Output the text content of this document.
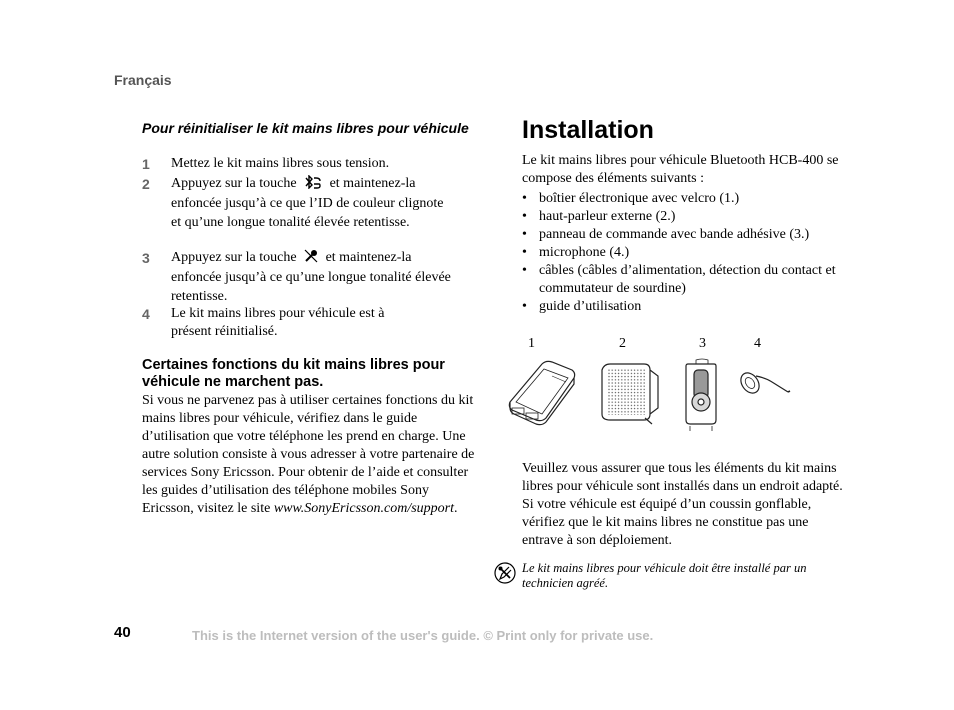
Français
Pour réinitialiser le kit mains libres pour véhicule
1 Mettez le kit mains libres sous tension.
2 Appuyez sur la touche et maintenez-la enfoncée jusqu’à ce que l’ID de couleur clignote et qu’une longue tonalité élevée retentisse.
3 Appuyez sur la touche et maintenez-la enfoncée jusqu’à ce qu’une longue tonalité élevée retentisse.
4 Le kit mains libres pour véhicule est à présent réinitialisé.
Certaines fonctions du kit mains libres pour véhicule ne marchent pas.
Si vous ne parvenez pas à utiliser certaines fonctions du kit mains libres pour véhicule, vérifiez dans le guide d’utilisation que votre téléphone les prend en charge. Une autre solution consiste à vous adresser à votre partenaire de services Sony Ericsson. Pour obtenir de l’aide et consulter les guides d’utilisation des téléphone mobiles Sony Ericsson, visitez le site www.SonyEricsson.com/support.
Installation
Le kit mains libres pour véhicule Bluetooth HCB-400 se compose des éléments suivants :
• boîtier électronique avec velcro (1.)
• haut-parleur externe (2.)
• panneau de commande avec bande adhésive (3.)
• microphone (4.)
• câbles (câbles d’alimentation, détection du contact et commutateur de sourdine)
• guide d’utilisation
1	2	3	4
Veuillez vous assurer que tous les éléments du kit mains libres pour véhicule sont installés dans un endroit adapté. Si votre véhicule est équipé d’un coussin gonflable, vérifiez que le kit mains libres ne constitue pas une entrave à son déploiement.
Le kit mains libres pour véhicule doit être installé par un technicien agréé.
40	This is the Internet version of the user's guide. © Print only for private use.
